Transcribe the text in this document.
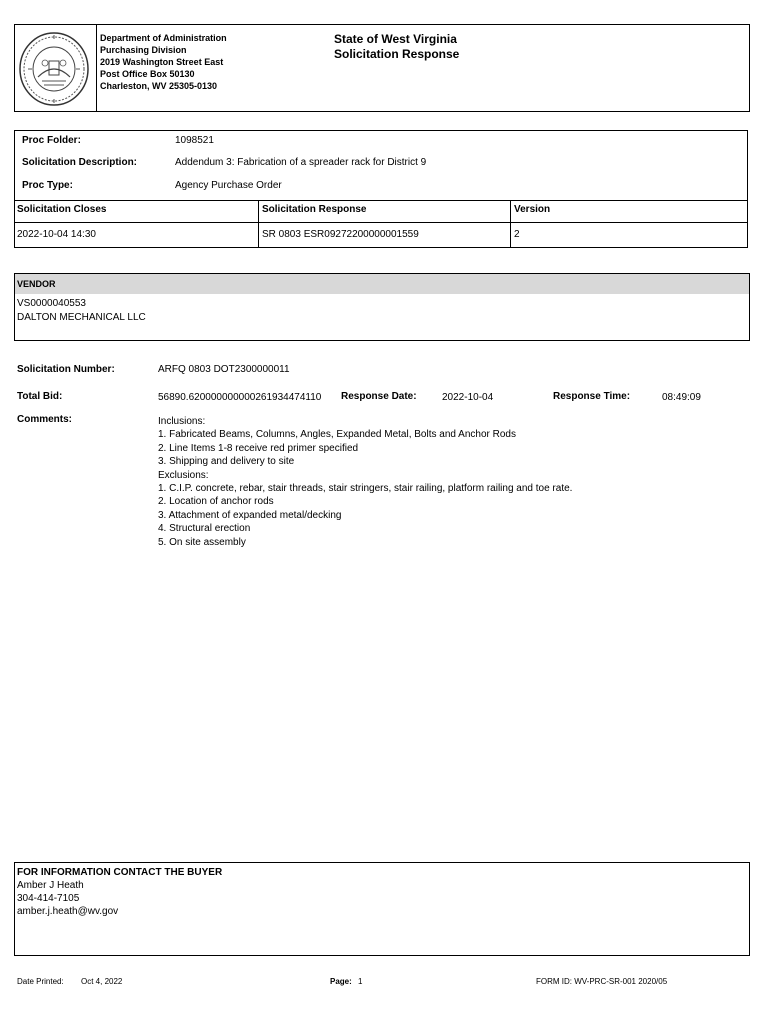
Department of Administration
Purchasing Division
2019 Washington Street East
Post Office Box 50130
Charleston, WV 25305-0130
State of West Virginia
Solicitation Response
Proc Folder:	1098521
Solicitation Description:	Addendum 3: Fabrication of a spreader rack for District 9
Proc Type:	Agency Purchase Order
Solicitation Closes	Solicitation Response	Version
2022-10-04 14:30	SR 0803 ESR09272200000001559	2
VENDOR
VS0000040553
DALTON MECHANICAL LLC
Solicitation Number:	ARFQ 0803 DOT2300000011
Total Bid:	56890.620000000000261934474110 Response Date:	2022-10-04	Response Time:	08:49:09
Comments:	Inclusions:
1. Fabricated Beams, Columns, Angles, Expanded Metal, Bolts and Anchor Rods
2. Line Items 1-8 receive red primer specified
3. Shipping and delivery to site
Exclusions:
1. C.I.P. concrete, rebar, stair threads, stair stringers, stair railing, platform railing and toe rate.
2. Location of anchor rods
3. Attachment of expanded metal/decking
4. Structural erection
5. On site assembly
FOR INFORMATION CONTACT THE BUYER
Amber J Heath
304-414-7105
amber.j.heath@wv.gov
Date Printed: Oct 4, 2022	Page: 1	FORM ID: WV-PRC-SR-001 2020/05
